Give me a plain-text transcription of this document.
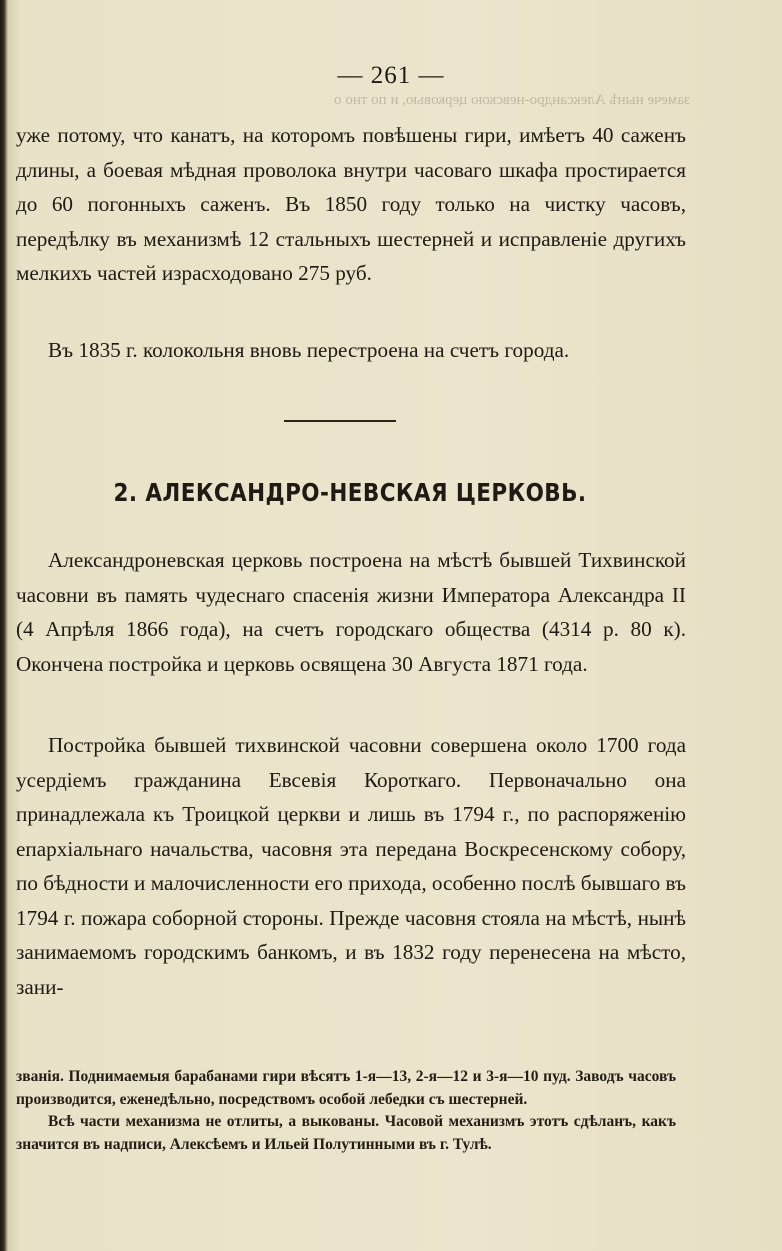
замече нынѣ Александро-невскою церковью, и по тно о
— 261 —

уже потому, что канатъ, на которомъ повѣшены гири, имѣетъ 40 саженъ длины, а боевая мѣдная проволока внутри часоваго шкафа простирается до 60 погонныхъ саженъ. Въ 1850 году только на чистку часовъ, передѣлку въ механизмѣ 12 стальныхъ шестерней и исправленіе другихъ мелкихъ частей израсходовано 275 руб.

Въ 1835 г. колокольня вновь перестроена на счетъ города.

2. АЛЕКСАНДРО-НЕВСКАЯ ЦЕРКОВЬ.

Александроневская церковь построена на мѣстѣ бывшей Тихвинской часовни въ память чудеснаго спасенія жизни Императора Александра II (4 Апрѣля 1866 года), на счетъ городскаго общества (4314 р. 80 к). Окончена постройка и церковь освящена 30 Августа 1871 года.

Постройка бывшей тихвинской часовни совершена около 1700 года усердіемъ гражданина Евсевія Короткаго. Первоначально она принадлежала къ Троицкой церкви и лишь въ 1794 г., по распоряженію епархіальнаго начальства, часовня эта передана Воскресенскому собору, по бѣдности и малочисленности его прихода, особенно послѣ бывшаго въ 1794 г. пожара соборной стороны. Прежде часовня стояла на мѣстѣ, нынѣ занимаемомъ городскимъ банкомъ, и въ 1832 году перенесена на мѣсто, зани-

званія. Поднимаемыя барабанами гири вѣсятъ 1-я—13, 2-я—12 и 3-я—10 пуд. Заводъ часовъ производится, еженедѣльно, посредствомъ особой лебедки съ шестерней.

Всѣ части механизма не отлиты, а выкованы. Часовой механизмъ этотъ сдѣланъ, какъ значится въ надписи, Алексѣемъ и Ильей Полутинными въ г. Тулѣ.
